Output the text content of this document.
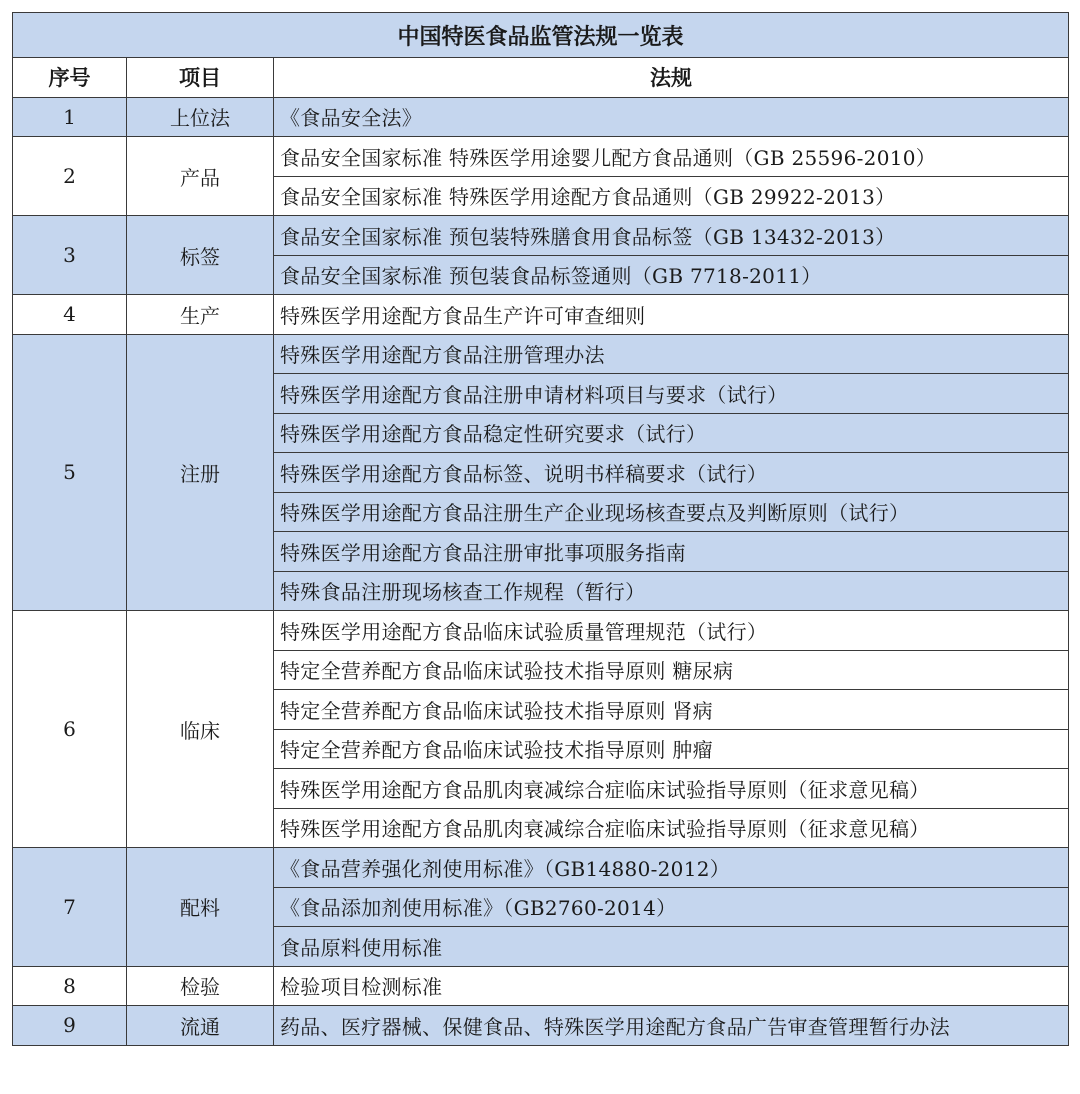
中国特医食品监管法规一览表		
序号	项目	法规
1	上位法	《食品安全法》
2	产品	食品安全国家标准 特殊医学用途婴儿配方食品通则（GB 25596-2010）
		食品安全国家标准 特殊医学用途配方食品通则（GB 29922-2013）
3	标签	食品安全国家标准 预包装特殊膳食用食品标签（GB 13432-2013）
		食品安全国家标准 预包装食品标签通则（GB 7718-2011）
4	生产	特殊医学用途配方食品生产许可审查细则
5	注册	特殊医学用途配方食品注册管理办法
		特殊医学用途配方食品注册申请材料项目与要求（试行）
		特殊医学用途配方食品稳定性研究要求（试行）
		特殊医学用途配方食品标签、说明书样稿要求（试行）
		特殊医学用途配方食品注册生产企业现场核查要点及判断原则（试行）
		特殊医学用途配方食品注册审批事项服务指南
		特殊食品注册现场核查工作规程（暂行）
6	临床	特殊医学用途配方食品临床试验质量管理规范（试行）
		特定全营养配方食品临床试验技术指导原则 糖尿病
		特定全营养配方食品临床试验技术指导原则 肾病
		特定全营养配方食品临床试验技术指导原则 肿瘤
		特殊医学用途配方食品肌肉衰减综合症临床试验指导原则（征求意见稿）
		特殊医学用途配方食品肌肉衰减综合症临床试验指导原则（征求意见稿）
7	配料	《食品营养强化剂使用标准》（GB14880-2012）
		《食品添加剂使用标准》（GB2760-2014）
		食品原料使用标准
8	检验	检验项目检测标准
9	流通	药品、医疗器械、保健食品、特殊医学用途配方食品广告审查管理暂行办法
